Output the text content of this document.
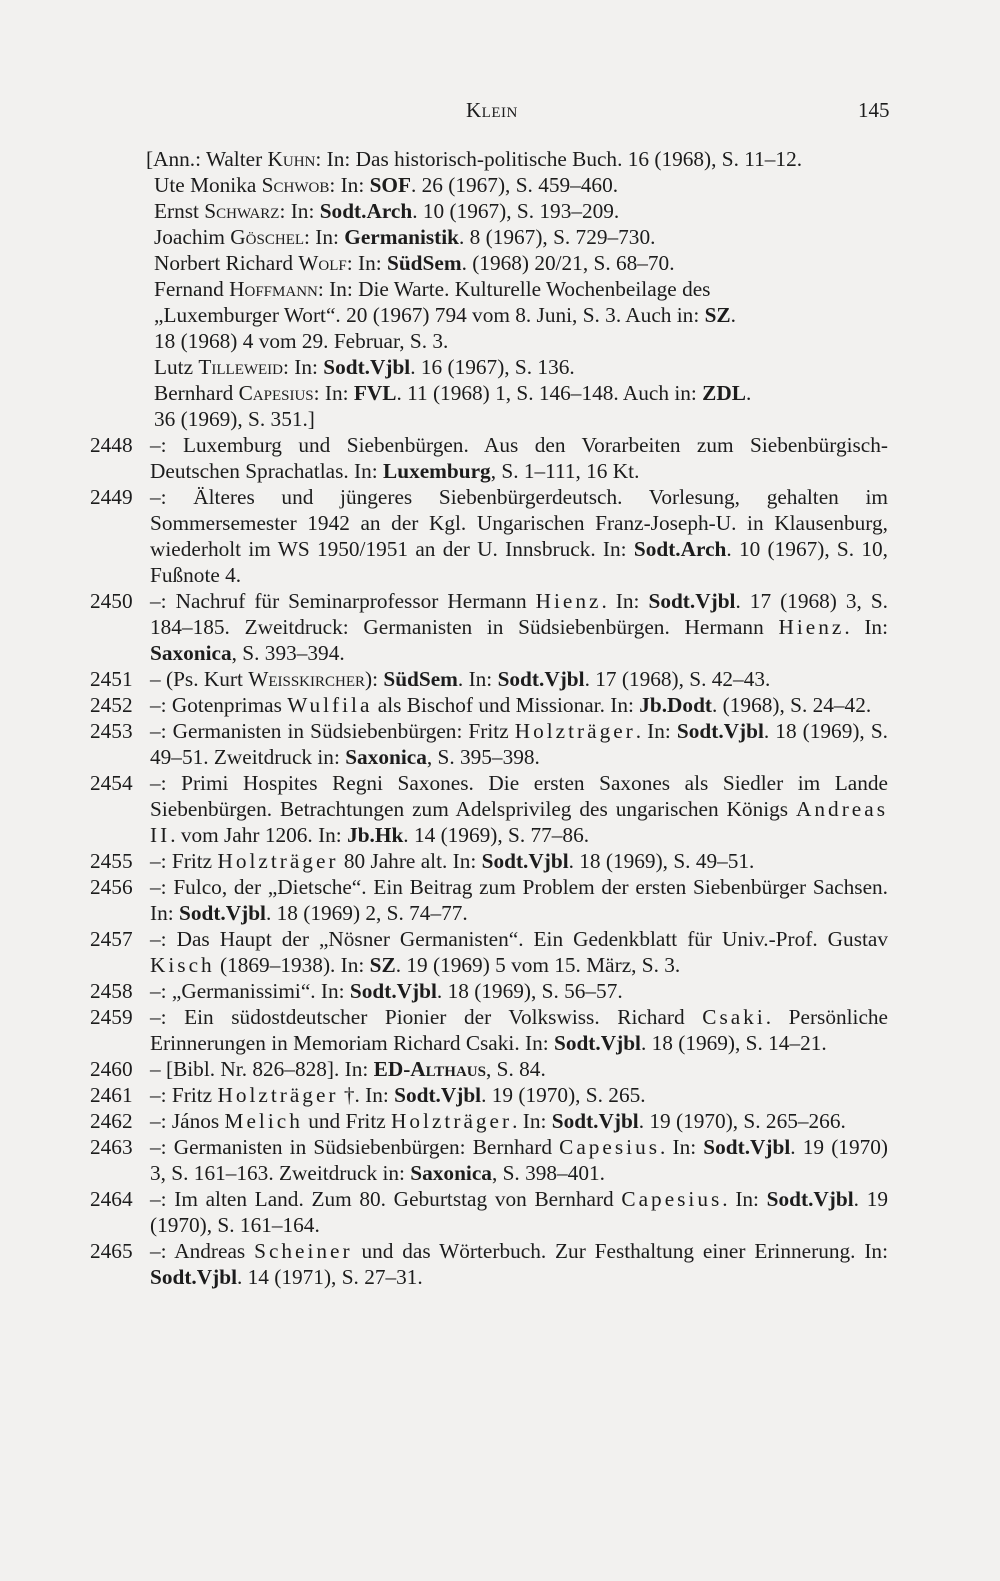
Klein	145
[Ann.: Walter Kuhn: In: Das historisch-politische Buch. 16 (1968), S. 11–12.
Ute Monika Schwob: In: SOF. 26 (1967), S. 459–460.
Ernst Schwarz: In: Sodt.Arch. 10 (1967), S. 193–209.
Joachim Göschel: In: Germanistik. 8 (1967), S. 729–730.
Norbert Richard Wolf: In: SüdSem. (1968) 20/21, S. 68–70.
Fernand Hoffmann: In: Die Warte. Kulturelle Wochenbeilage des
„Luxemburger Wort“. 20 (1967) 794 vom 8. Juni, S. 3. Auch in: SZ.
18 (1968) 4 vom 29. Februar, S. 3.
Lutz Tilleweid: In: Sodt.Vjbl. 16 (1967), S. 136.
Bernhard Capesius: In: FVL. 11 (1968) 1, S. 146–148. Auch in: ZDL.
36 (1969), S. 351.]
2448 –: Luxemburg und Siebenbürgen. Aus den Vorarbeiten zum Siebenbürgisch-Deutschen Sprachatlas. In: Luxemburg, S. 1–111, 16 Kt.
2449 –: Älteres und jüngeres Siebenbürgerdeutsch. Vorlesung, gehalten im Sommersemester 1942 an der Kgl. Ungarischen Franz-Joseph-U. in Klausenburg, wiederholt im WS 1950/1951 an der U. Innsbruck. In: Sodt.Arch. 10 (1967), S. 10, Fußnote 4.
2450 –: Nachruf für Seminarprofessor Hermann Hienz. In: Sodt.Vjbl. 17 (1968) 3, S. 184–185. Zweitdruck: Germanisten in Südsiebenbürgen. Hermann Hienz. In: Saxonica, S. 393–394.
2451 – (Ps. Kurt Weisskircher): SüdSem. In: Sodt.Vjbl. 17 (1968), S. 42–43.
2452 –: Gotenprimas Wulfila als Bischof und Missionar. In: Jb.Dodt. (1968), S. 24–42.
2453 –: Germanisten in Südsiebenbürgen: Fritz Holzträger. In: Sodt.Vjbl. 18 (1969), S. 49–51. Zweitdruck in: Saxonica, S. 395–398.
2454 –: Primi Hospites Regni Saxones. Die ersten Saxones als Siedler im Lande Siebenbürgen. Betrachtungen zum Adelsprivileg des ungarischen Königs Andreas II. vom Jahr 1206. In: Jb.Hk. 14 (1969), S. 77–86.
2455 –: Fritz Holzträger 80 Jahre alt. In: Sodt.Vjbl. 18 (1969), S. 49–51.
2456 –: Fulco, der „Dietsche“. Ein Beitrag zum Problem der ersten Siebenbürger Sachsen. In: Sodt.Vjbl. 18 (1969) 2, S. 74–77.
2457 –: Das Haupt der „Nösner Germanisten“. Ein Gedenkblatt für Univ.-Prof. Gustav Kisch (1869–1938). In: SZ. 19 (1969) 5 vom 15. März, S. 3.
2458 –: „Germanissimi“. In: Sodt.Vjbl. 18 (1969), S. 56–57.
2459 –: Ein südostdeutscher Pionier der Volkswiss. Richard Csaki. Persönliche Erinnerungen in Memoriam Richard Csaki. In: Sodt.Vjbl. 18 (1969), S. 14–21.
2460 – [Bibl. Nr. 826–828]. In: ED-Althaus, S. 84.
2461 –: Fritz Holzträger †. In: Sodt.Vjbl. 19 (1970), S. 265.
2462 –: János Melich und Fritz Holzträger. In: Sodt.Vjbl. 19 (1970), S. 265–266.
2463 –: Germanisten in Südsiebenbürgen: Bernhard Capesius. In: Sodt.Vjbl. 19 (1970) 3, S. 161–163. Zweitdruck in: Saxonica, S. 398–401.
2464 –: Im alten Land. Zum 80. Geburtstag von Bernhard Capesius. In: Sodt.Vjbl. 19 (1970), S. 161–164.
2465 –: Andreas Scheiner und das Wörterbuch. Zur Festhaltung einer Erinnerung. In: Sodt.Vjbl. 14 (1971), S. 27–31.
